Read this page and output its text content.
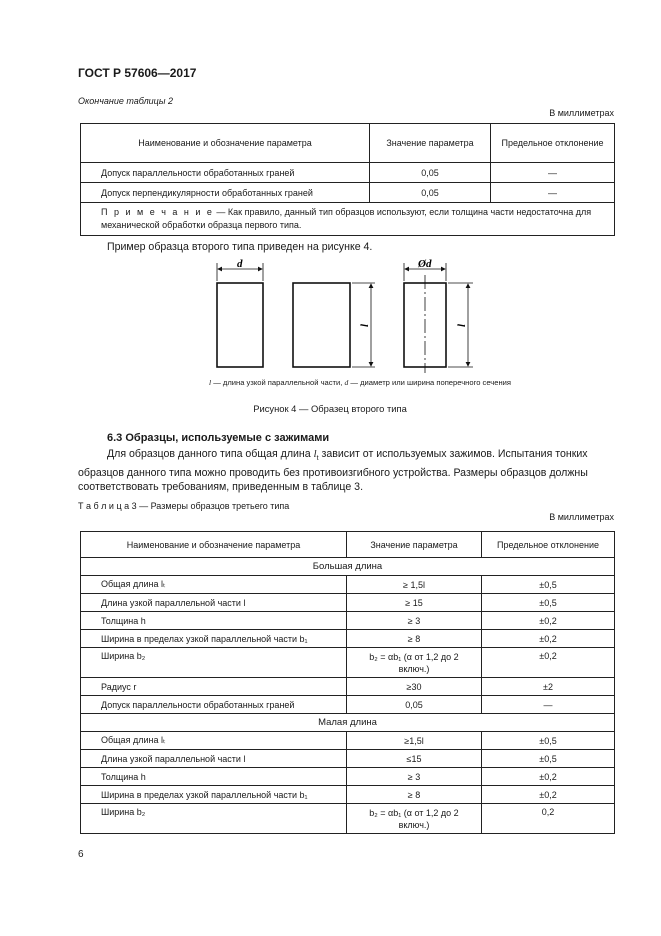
ГОСТ Р 57606—2017
Окончание таблицы 2
В миллиметрах
Наименование и обозначение параметра	Значение параметра	Предельное отклонение
Допуск параллельности обработанных граней	0,05	—
Допуск перпендикулярности обработанных граней	0,05	—
П р и м е ч а н и е — Как правило, данный тип образцов используют, если толщина части недостаточна для механической обработки образца первого типа.		
Пример образца второго типа приведен на рисунке 4.
d
l
Ød
l
l — длина узкой параллельной части, d — диаметр или ширина поперечного сечения
Рисунок 4 — Образец второго типа
6.3 Образцы, используемые с зажимами
Для образцов данного типа общая длина $l_t$ зависит от используемых зажимов. Испытания тонких образцов данного типа можно проводить без противоизгибного устройства. Размеры образцов должны соответствовать требованиям, приведенным в таблице 3.
Т а б л и ц а 3 — Размеры образцов третьего типа
В миллиметрах
Наименование и обозначение параметра	Значение параметра	Предельное отклонение
Большая длина		
Общая длина lₜ	≥ 1,5l	±0,5
Длина узкой параллельной части l	≥ 15	±0,5
Толщина h	≥ 3	±0,2
Ширина в пределах узкой параллельной части b₁	≥ 8	±0,2
Ширина b₂	b₂ = αb₁ (α от 1,2 до 2 включ.)	±0,2
Радиус r	≥30	±2
Допуск параллельности обработанных граней	0,05	—
Малая длина		
Общая длина lₜ	≥1,5l	±0,5
Длина узкой параллельной части l	≤15	±0,5
Толщина h	≥ 3	±0,2
Ширина в пределах узкой параллельной части b₁	≥ 8	±0,2
Ширина b₂	b₂ = αb₁ (α от 1,2 до 2 включ.)	0,2
6
